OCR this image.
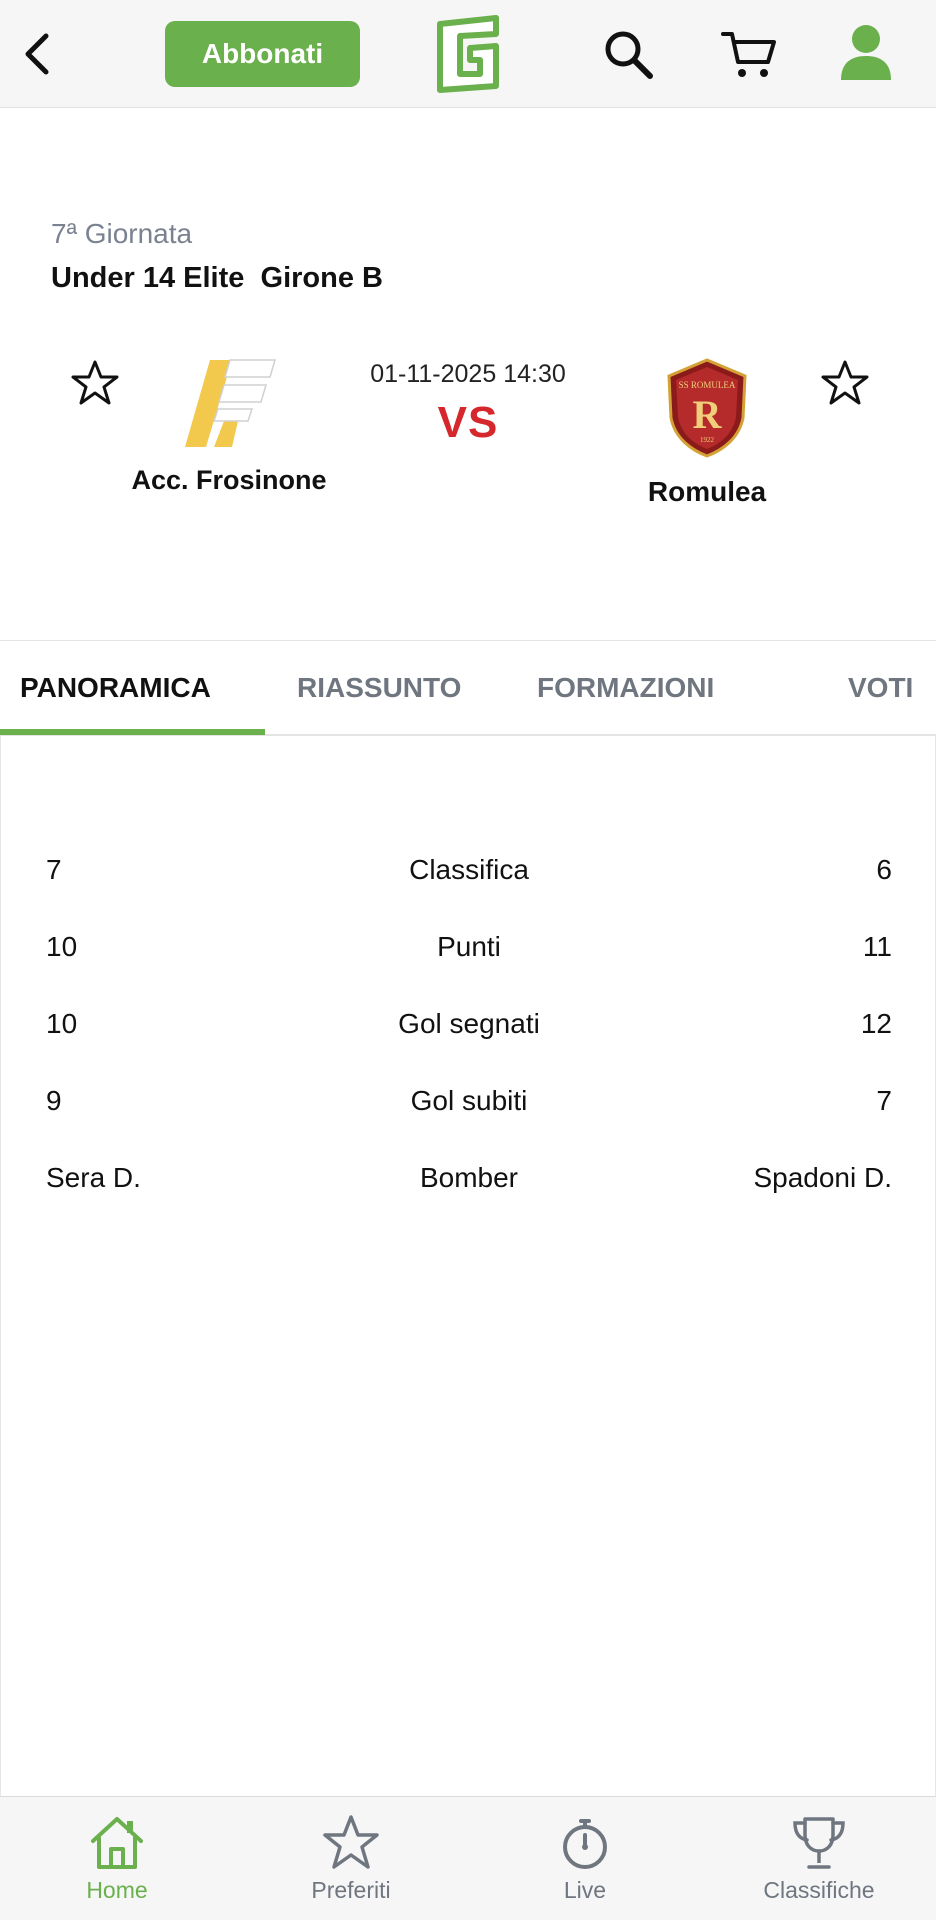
Abbonati
7ª Giornata
Under 14 Elite Girone B
01-11-2025 14:30
VS
SS ROMULEA
R
1922
Acc. Frosinone	Romulea
PANORAMICA	RIASSUNTO	FORMAZIONI	VOTI
7	Classifica	6
10	Punti	11
10	Gol segnati	12
9	Gol subiti	7
Sera D.	Bomber	Spadoni D.
Home	Preferiti	Live	Classifiche
